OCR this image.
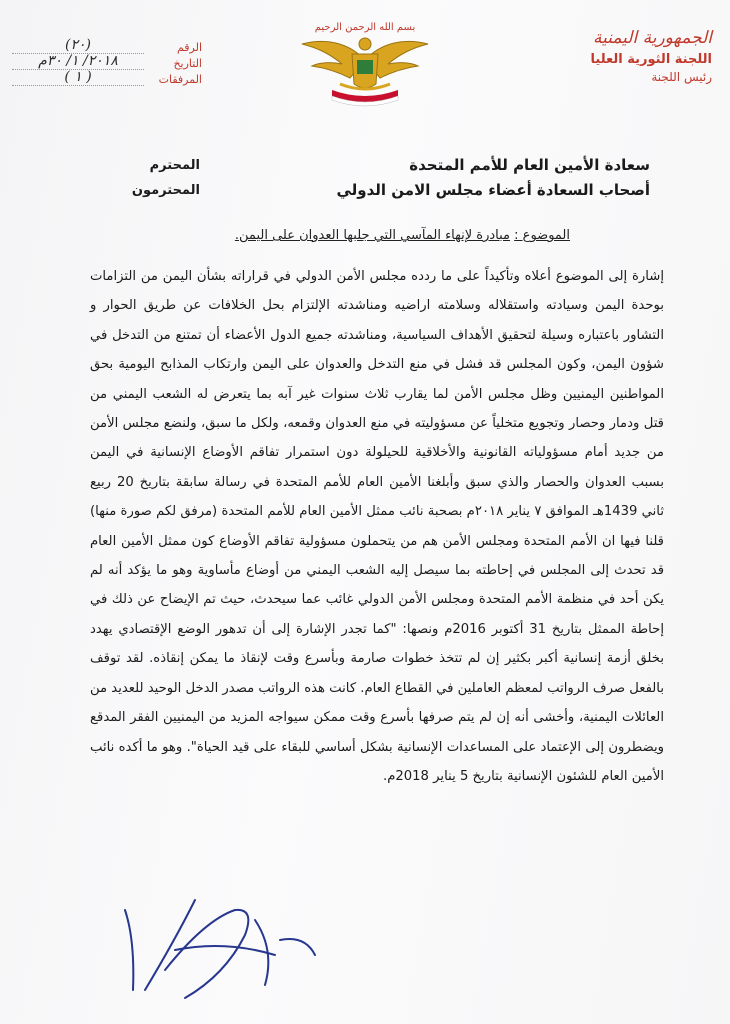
الجمهورية اليمنية
اللجنة الثورية العليا
رئيس اللجنة
بسم الله الرحمن الرحيم
الرقم
(٢٠)
التاريخ
٢٠١٨/ ١/ ٣٠م
المرفقات
( ١ )
سعادة الأمين العام للأمم المتحدة
أصحاب السعادة أعضاء مجلس الامن الدولي
المحترم
المحترمون
الموضوع : مبادرة لإنهاء المآسي التي جلبها العدوان على اليمن.
إشارة إلى الموضوع أعلاه وتأكيداً على ما ردده مجلس الأمن الدولي في قراراته بشأن اليمن من التزامات بوحدة اليمن وسيادته واستقلاله وسلامته اراضيه ومناشدته الإلتزام بحل الخلافات عن طريق الحوار و التشاور باعتباره وسيلة لتحقيق الأهداف السياسية، ومناشدته جميع الدول الأعضاء أن تمتنع من التدخل في شؤون اليمن، وكون المجلس قد فشل في منع التدخل والعدوان على اليمن وارتكاب المذابح اليومية بحق المواطنين اليمنيين وظل مجلس الأمن لما يقارب ثلاث سنوات غير آبه بما يتعرض له الشعب اليمني من قتل ودمار وحصار وتجويع متخلياً عن مسؤوليته في منع العدوان وقمعه، ولكل ما سبق، ولنضع مجلس الأمن من جديد أمام مسؤولياته القانونية والأخلاقية للحيلولة دون استمرار تفاقم الأوضاع الإنسانية في اليمن بسبب العدوان والحصار والذي سبق وأبلغنا الأمين العام للأمم المتحدة في رسالة سابقة بتاريخ 20 ربيع ثاني 1439هـ الموافق ٧ يناير ٢٠١٨م بصحبة نائب ممثل الأمين العام للأمم المتحدة (مرفق لكم صورة منها) قلنا فيها ان الأمم المتحدة ومجلس الأمن هم من يتحملون مسؤولية تفاقم الأوضاع كون ممثل الأمين العام قد تحدث إلى المجلس في إحاطته بما سيصل إليه الشعب اليمني من أوضاع مأساوية وهو ما يؤكد أنه لم يكن أحد في منظمة الأمم المتحدة ومجلس الأمن الدولي غائب عما سيحدث، حيث تم الإيضاح عن ذلك في إحاطة الممثل بتاريخ 31 أكتوبر 2016م ونصها: "كما تجدر الإشارة إلى أن تدهور الوضع الإقتصادي يهدد بخلق أزمة إنسانية أكبر بكثير إن لم تتخذ خطوات صارمة وبأسرع وقت لإنقاذ ما يمكن إنقاذه. لقد توقف بالفعل صرف الرواتب لمعظم العاملين في القطاع العام. كانت هذه الرواتب مصدر الدخل الوحيد للعديد من العائلات اليمنية، وأخشى أنه إن لم يتم صرفها بأسرع وقت ممكن سيواجه المزيد من اليمنيين الفقر المدقع ويضطرون إلى الإعتماد على المساعدات الإنسانية بشكل أساسي للبقاء على قيد الحياة". وهو ما أكده نائب الأمين العام للشئون الإنسانية بتاريخ 5 يناير 2018م.
